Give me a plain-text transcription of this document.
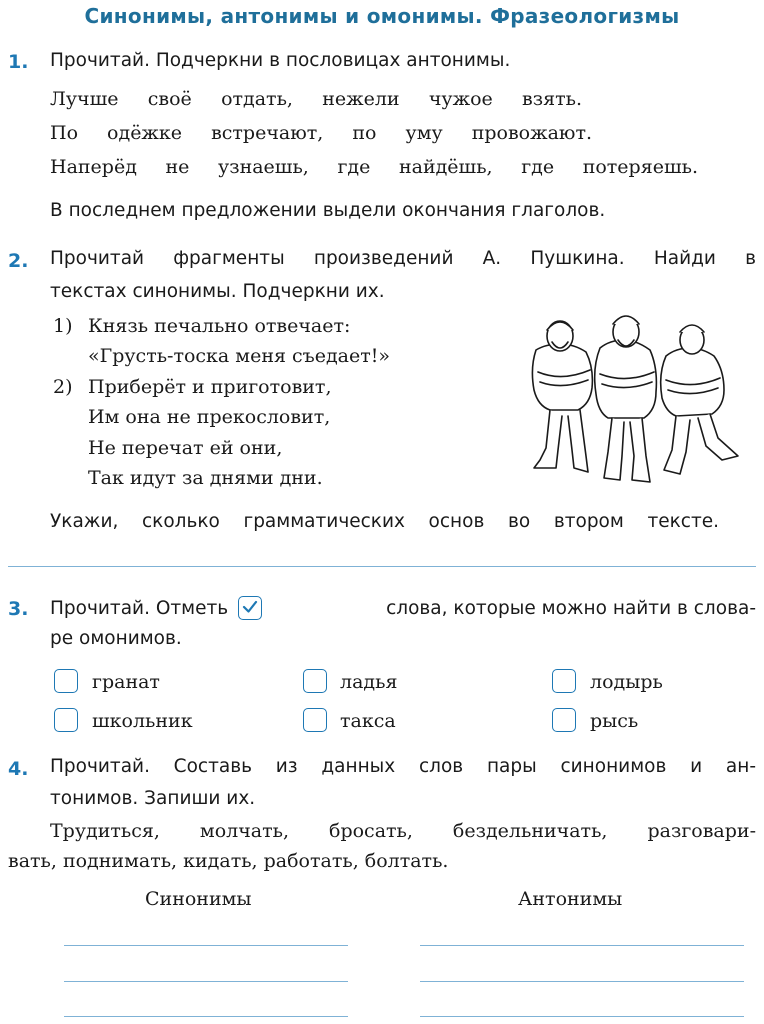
Синонимы, антонимы и омонимы. Фразеологизмы
1. Прочитай. Подчеркни в пословицах антонимы.
Лучше своё отдать, нежели чужое взять.
По одёжке встречают, по уму провожают.
Наперёд не узнаешь, где найдёшь, где потеряешь.
В последнем предложении выдели окончания глаголов.
2. Прочитай фрагменты произведений А. Пушкина. Найди в
текстах синонимы. Подчеркни их.
1) Князь печально отвечает:
«Грусть-тоска меня съедает!»
2) Приберёт и приготовит,
Им она не прекословит,
Не перечат ей они,
Так идут за днями дни.
Укажи, сколько грамматических основ во втором тексте.
3. Прочитай. Отметь	слова, которые можно найти в слова-
ре омонимов.
гранат	ладья	лодырь
школьник	такса	рысь
4. Прочитай. Составь из данных слов пары синонимов и ан-
тонимов. Запиши их.
Трудиться, молчать, бросать, бездельничать, разговари-
вать, поднимать, кидать, работать, болтать.
Синонимы	Антонимы
